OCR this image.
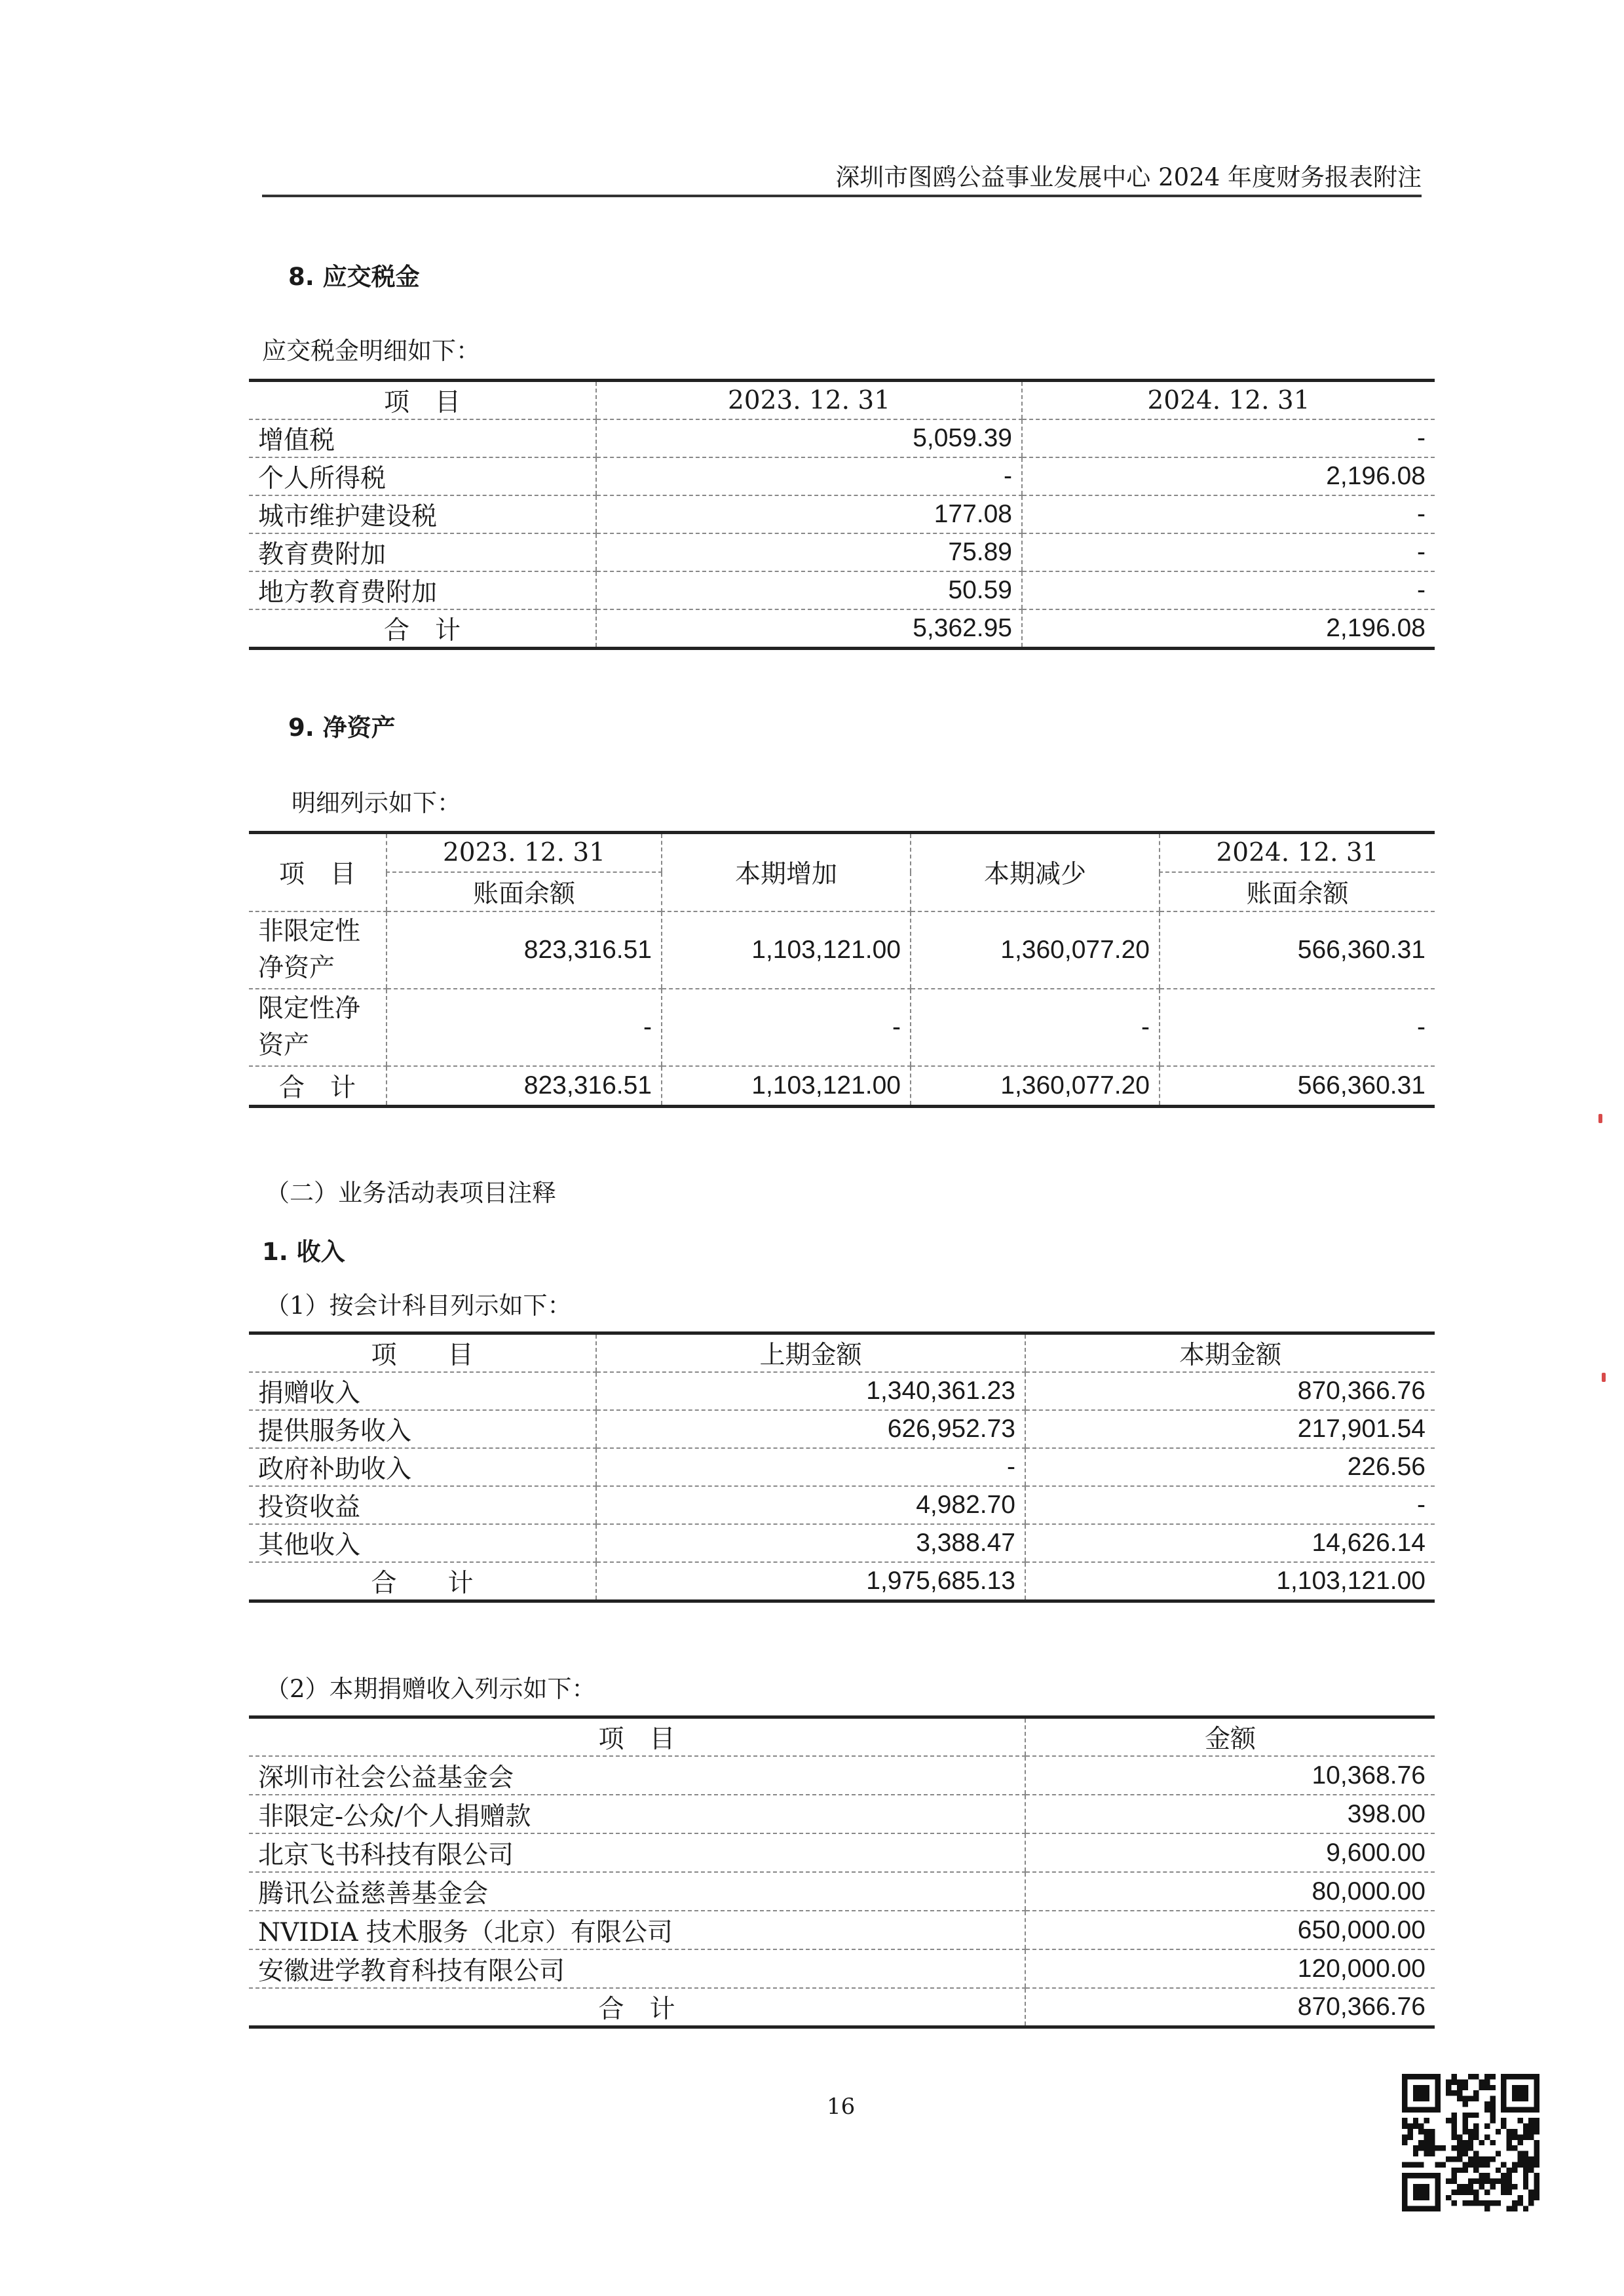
深圳市图鸥公益事业发展中心 2024 年度财务报表附注
8. 应交税金
应交税金明细如下：
项　目	2023. 12. 31	2024. 12. 31
增值税	5,059.39	-
个人所得税	-	2,196.08
城市维护建设税	177.08	-
教育费附加	75.89	-
地方教育费附加	50.59	-
合　计	5,362.95	2,196.08
9. 净资产
明细列示如下：
项　目	2023. 12. 31	本期增加	本期减少	2024. 12. 31
	账面余额			账面余额
非限定性
净资产	823,316.51	1,103,121.00	1,360,077.20	566,360.31
限定性净
资产	-	-	-	-
合　计	823,316.51	1,103,121.00	1,360,077.20	566,360.31
（二）业务活动表项目注释
1. 收入
（1）按会计科目列示如下：
项　　目	上期金额	本期金额
捐赠收入	1,340,361.23	870,366.76
提供服务收入	626,952.73	217,901.54
政府补助收入	-	226.56
投资收益	4,982.70	-
其他收入	3,388.47	14,626.14
合　　计	1,975,685.13	1,103,121.00
（2）本期捐赠收入列示如下：
项　目	金额
深圳市社会公益基金会	10,368.76
非限定-公众/个人捐赠款	398.00
北京飞书科技有限公司	9,600.00
腾讯公益慈善基金会	80,000.00
NVIDIA 技术服务（北京）有限公司	650,000.00
安徽进学教育科技有限公司	120,000.00
合　计	870,366.76
16
